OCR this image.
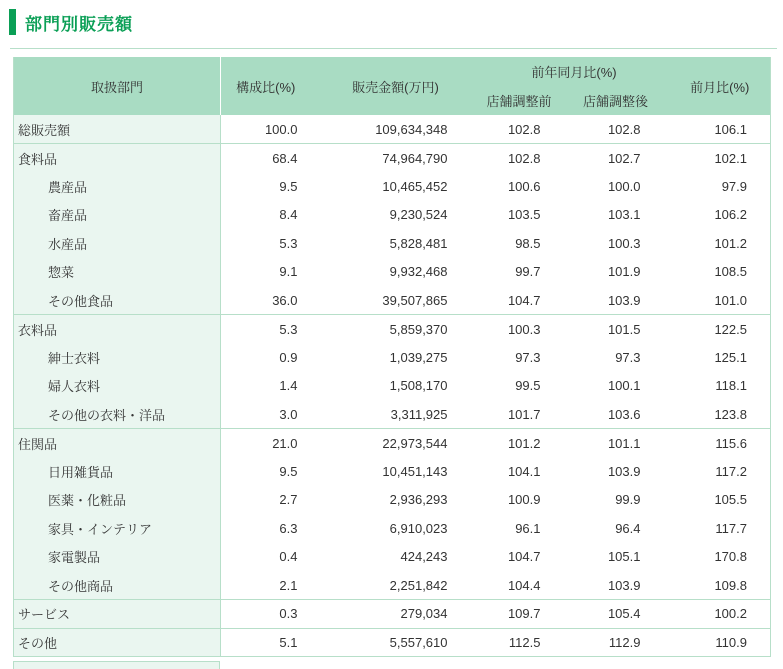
部門別販売額
取扱部門	構成比(%)	販売金額(万円)	前年同月比(%)		前月比(%)
			店舗調整前	店舗調整後	
総販売額	100.0	109,634,348	102.8	102.8	106.1
食料品	68.4	74,964,790	102.8	102.7	102.1
農産品	9.5	10,465,452	100.6	100.0	97.9
畜産品	8.4	9,230,524	103.5	103.1	106.2
水産品	5.3	5,828,481	98.5	100.3	101.2
惣菜	9.1	9,932,468	99.7	101.9	108.5
その他食品	36.0	39,507,865	104.7	103.9	101.0
衣料品	5.3	5,859,370	100.3	101.5	122.5
紳士衣料	0.9	1,039,275	97.3	97.3	125.1
婦人衣料	1.4	1,508,170	99.5	100.1	118.1
その他の衣料・洋品	3.0	3,311,925	101.7	103.6	123.8
住関品	21.0	22,973,544	101.2	101.1	115.6
日用雑貨品	9.5	10,451,143	104.1	103.9	117.2
医薬・化粧品	2.7	2,936,293	100.9	99.9	105.5
家具・インテリア	6.3	6,910,023	96.1	96.4	117.7
家電製品	0.4	424,243	104.7	105.1	170.8
その他商品	2.1	2,251,842	104.4	103.9	109.8
サービス	0.3	279,034	109.7	105.4	100.2
その他	5.1	5,557,610	112.5	112.9	110.9
